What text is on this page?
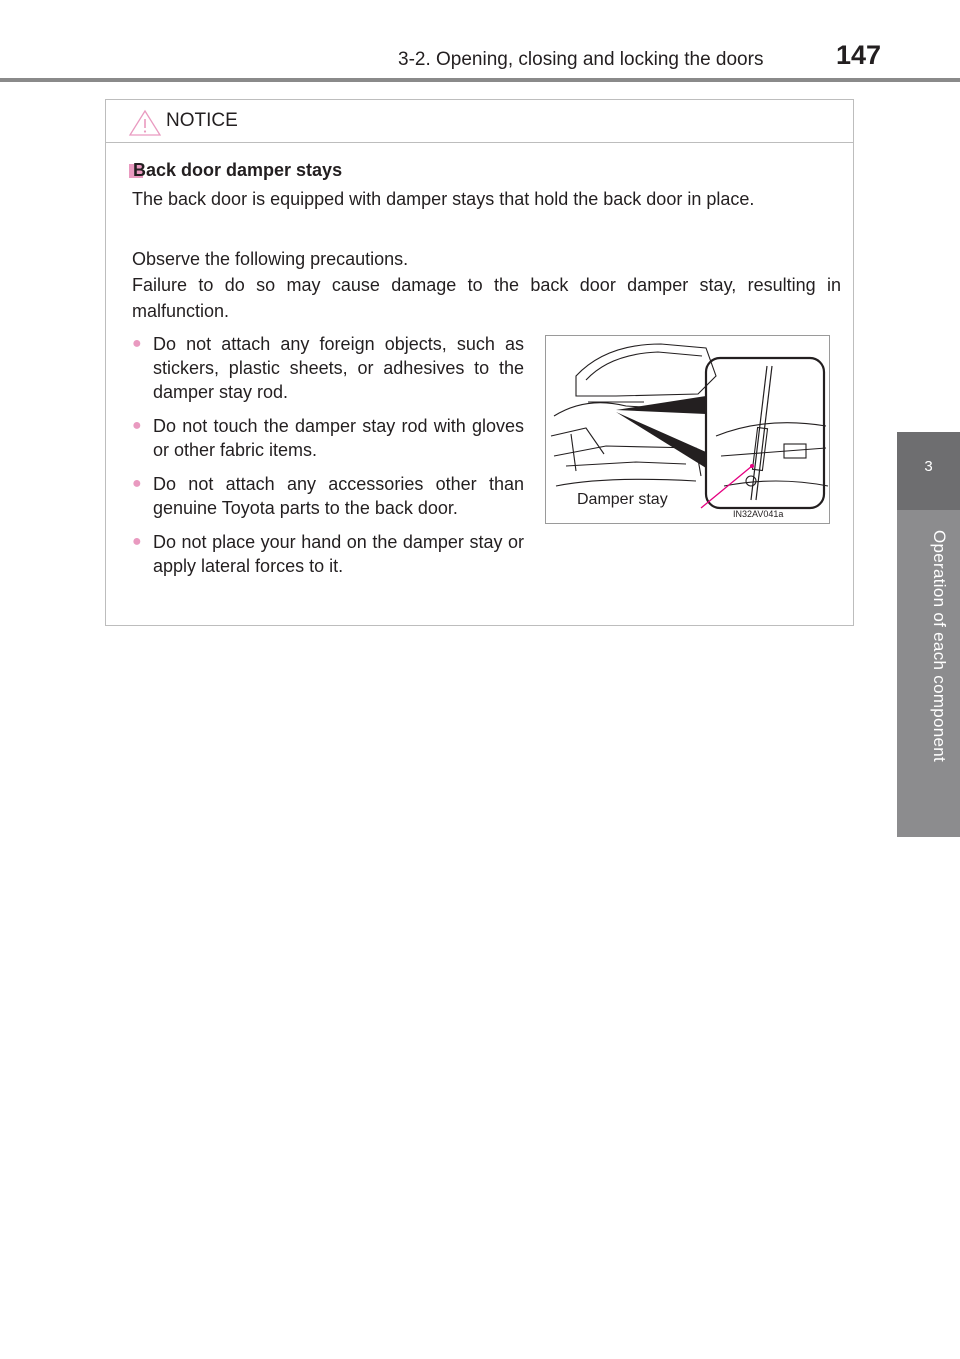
3-2. Opening, closing and locking the doors	147
3
Operation of each component
NOTICE
Back door damper stays
The back door is equipped with damper stays that hold the back door in place.
Observe the following precautions.
Failure to do so may cause damage to the back door damper stay, resulting in malfunction.
● Do not attach any foreign objects, such as stickers, plastic sheets, or adhesives to the damper stay rod.
● Do not touch the damper stay rod with gloves or other fabric items.
● Do not attach any accessories other than genuine Toyota parts to the back door.
● Do not place your hand on the damper stay or apply lateral forces to it.
Damper stay
IN32AV041a
